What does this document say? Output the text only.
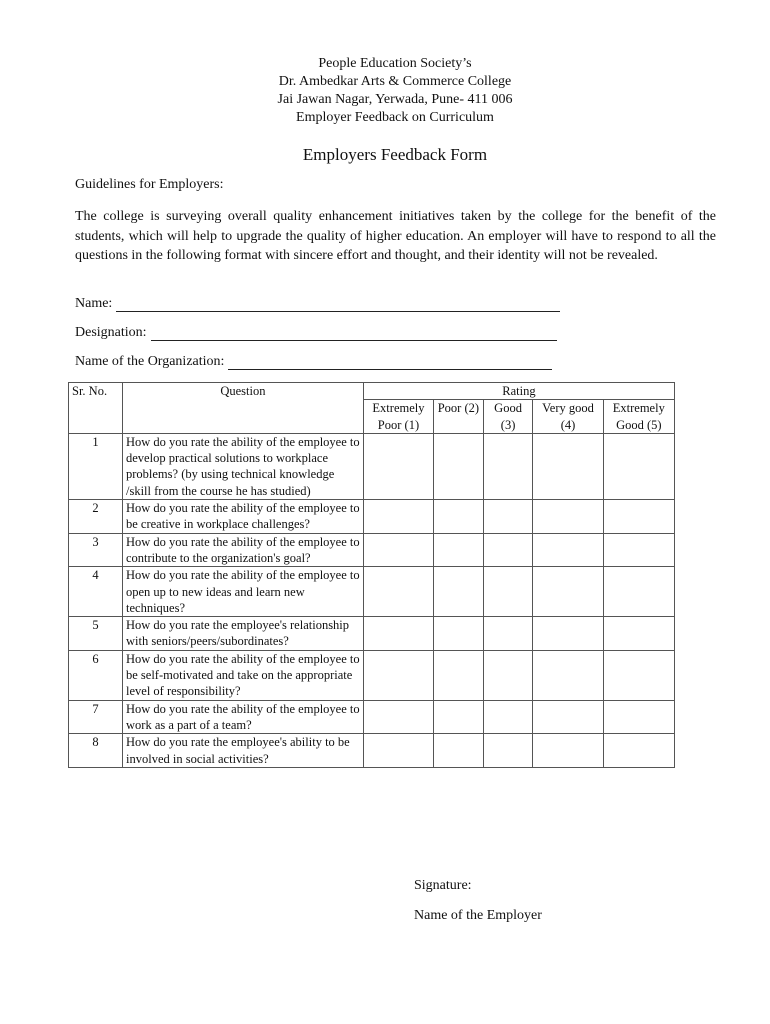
People Education Society’s
Dr. Ambedkar Arts & Commerce College
Jai Jawan Nagar, Yerwada, Pune- 411 006
Employer Feedback on Curriculum
Employers Feedback Form
Guidelines for Employers:

The college is surveying overall quality enhancement initiatives taken by the college for the benefit of the students, which will help to upgrade the quality of higher education. An employer will have to respond to all the questions in the following format with sincere effort and thought, and their identity will not be revealed.

Name:
Designation:
Name of the Organization:
Sr. No.	Question	Rating				
		Extremely Poor (1)	Poor (2)	Good (3)	Very good (4)	Extremely Good (5)
1	How do you rate the ability of the employee to develop practical solutions to workplace problems? (by using technical knowledge /skill from the course he has studied)					
2	How do you rate the ability of the employee to be creative in workplace challenges?					
3	How do you rate the ability of the employee to contribute to the organization's goal?					
4	How do you rate the ability of the employee to open up to new ideas and learn new techniques?					
5	How do you rate the employee's relationship with seniors/peers/subordinates?					
6	How do you rate the ability of the employee to be self-motivated and take on the appropriate level of responsibility?					
7	How do you rate the ability of the employee to work as a part of a team?					
8	How do you rate the employee's ability to be involved in social activities?					
Signature:
Name of the Employer
